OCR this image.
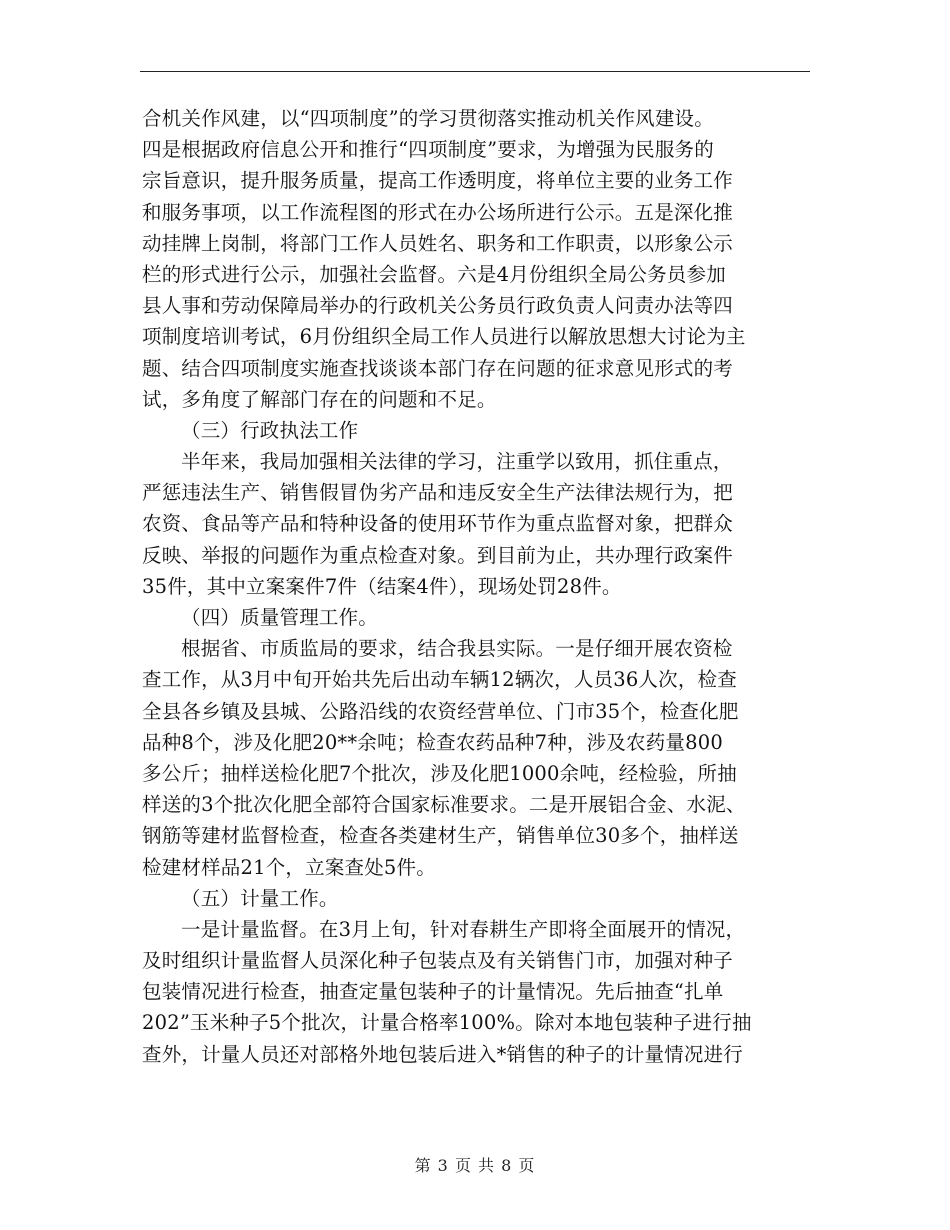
合机关作风建，以“四项制度”的学习贯彻落实推动机关作风建设。
四是根据政府信息公开和推行“四项制度”要求，为增强为民服务的
宗旨意识，提升服务质量，提高工作透明度，将单位主要的业务工作
和服务事项，以工作流程图的形式在办公场所进行公示。五是深化推
动挂牌上岗制，将部门工作人员姓名、职务和工作职责，以形象公示
栏的形式进行公示，加强社会监督。六是4月份组织全局公务员参加
县人事和劳动保障局举办的行政机关公务员行政负责人问责办法等四
项制度培训考试，6月份组织全局工作人员进行以解放思想大讨论为主
题、结合四项制度实施查找谈谈本部门存在问题的征求意见形式的考
试，多角度了解部门存在的问题和不足。
（三）行政执法工作
半年来，我局加强相关法律的学习，注重学以致用，抓住重点，
严惩违法生产、销售假冒伪劣产品和违反安全生产法律法规行为，把
农资、食品等产品和特种设备的使用环节作为重点监督对象，把群众
反映、举报的问题作为重点检查对象。到目前为止，共办理行政案件
35件，其中立案案件7件（结案4件），现场处罚28件。
（四）质量管理工作。
根据省、市质监局的要求，结合我县实际。一是仔细开展农资检
查工作，从3月中旬开始共先后出动车辆12辆次，人员36人次，检查
全县各乡镇及县城、公路沿线的农资经营单位、门市35个，检查化肥
品种8个，涉及化肥20**余吨；检查农药品种7种，涉及农药量800
多公斤；抽样送检化肥7个批次，涉及化肥1000余吨，经检验，所抽
样送的3个批次化肥全部符合国家标准要求。二是开展铝合金、水泥、
钢筋等建材监督检查，检查各类建材生产，销售单位30多个，抽样送
检建材样品21个，立案查处5件。
（五）计量工作。
一是计量监督。在3月上旬，针对春耕生产即将全面展开的情况，
及时组织计量监督人员深化种子包装点及有关销售门市，加强对种子
包装情况进行检查，抽查定量包装种子的计量情况。先后抽查“扎单
202”玉米种子5个批次，计量合格率100%。除对本地包装种子进行抽
查外，计量人员还对部格外地包装后进入*销售的种子的计量情况进行
第 3 页 共 8 页
